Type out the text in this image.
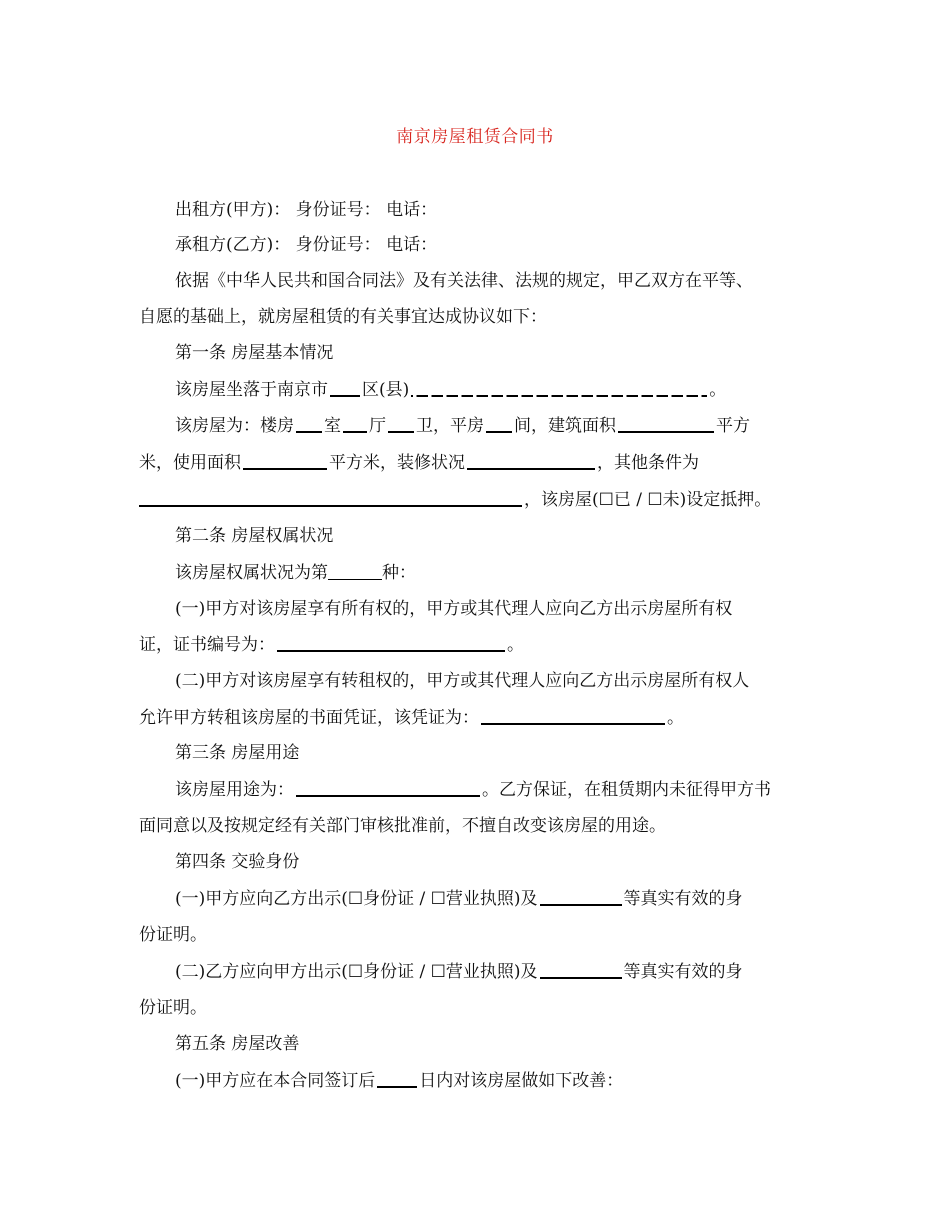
南京房屋租赁合同书
出租方(甲方)： 身份证号： 电话：
承租方(乙方)： 身份证号： 电话：
依据《中华人民共和国合同法》及有关法律、法规的规定，甲乙双方在平等、
自愿的基础上，就房屋租赁的有关事宜达成协议如下：
第一条 房屋基本情况
该房屋坐落于南京市 区(县)	。
该房屋为：楼房 室 厅 卫，平房 间，建筑面积	平方
米，使用面积	平方米，装修状况	，其他条件为
，该房屋(☐已 / ☐未)设定抵押。
第二条 房屋权属状况
该房屋权属状况为第	种：
(一)甲方对该房屋享有所有权的，甲方或其代理人应向乙方出示房屋所有权
证，证书编号为：	。
(二)甲方对该房屋享有转租权的，甲方或其代理人应向乙方出示房屋所有权人
允许甲方转租该房屋的书面凭证，该凭证为：	。
第三条 房屋用途
该房屋用途为：	。乙方保证，在租赁期内未征得甲方书
面同意以及按规定经有关部门审核批准前，不擅自改变该房屋的用途。
第四条 交验身份
(一)甲方应向乙方出示(☐身份证 / ☐营业执照)及	等真实有效的身
份证明。
(二)乙方应向甲方出示(☐身份证 / ☐营业执照)及	等真实有效的身
份证明。
第五条 房屋改善
(一)甲方应在本合同签订后	日内对该房屋做如下改善：
